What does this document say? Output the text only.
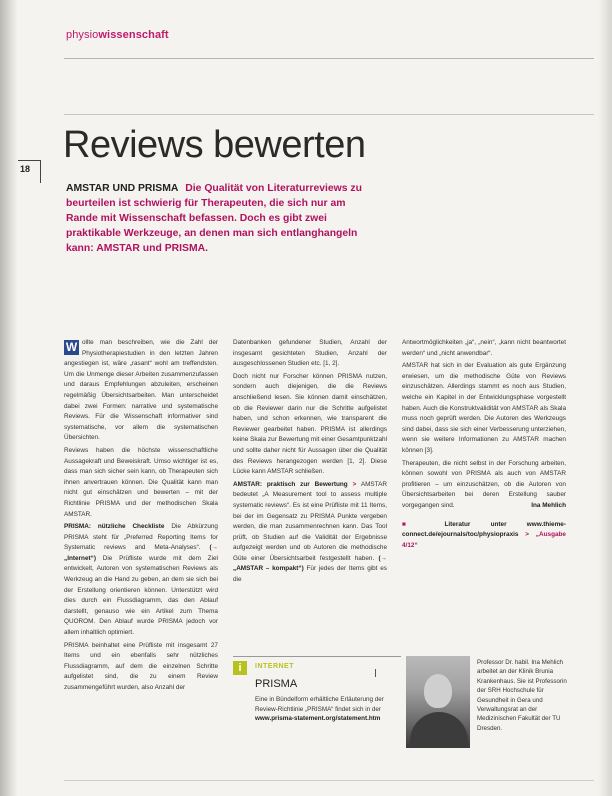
physiowissenschaft
Reviews bewerten
18
AMSTAR UND PRISMA Die Qualität von Literaturreviews zu beurteilen ist schwierig für Therapeuten, die sich nur am Rande mit Wissenschaft befassen. Doch es gibt zwei praktikable Werkzeuge, an denen man sich entlanghangeln kann: AMSTAR und PRISMA.

W ollte man beschreiben, wie die Zahl der Physiotherapiestudien in den letzten Jahren angestiegen ist, wäre „rasant“ wohl am treffendsten. Um die Unmenge dieser Arbeiten zusammenzufassen und daraus Empfehlungen abzuleiten, erscheinen regelmäßig Übersichtsarbeiten. Man unterscheidet dabei zwei Formen: narrative und systematische Reviews. Für die Wissenschaft informativer sind systematische, vor allem die systematischen Übersichten.

Reviews haben die höchste wissenschaftliche Aussagekraft und Beweiskraft. Umso wichtiger ist es, dass man sich sicher sein kann, ob Therapeuten sich ihnen anvertrauen können. Die Qualität kann man nicht gut einschätzen und bewerten – mit der Richtlinie PRISMA und der methodischen Skala AMSTAR.

PRISMA: nützliche Checkliste Die Abkürzung PRISMA steht für „Preferred Reporting Items for Systematic reviews and Meta-Analyses“. (→ „Internet“) Die Prüfliste wurde mit dem Ziel entwickelt, Autoren von systematischen Reviews als Werkzeug an die Hand zu geben, an dem sie sich bei der Erstellung orientieren können. Unterstützt wird dies durch ein Flussdiagramm, das den Ablauf darstellt, genauso wie ein Artikel zum Thema QUOROM. Den Ablauf wurde PRISMA jedoch vor allem inhaltlich optimiert.

PRISMA beinhaltet eine Prüfliste mit insgesamt 27 Items und ein ebenfalls sehr nützliches Flussdiagramm, auf dem die einzelnen Schritte aufgelistet sind, die zu einem Review zusammengeführt wurden, also Anzahl der

Datenbanken gefundener Studien, Anzahl der insgesamt gesichteten Studien, Anzahl der ausgeschlossenen Studien etc. [1, 2].

Doch nicht nur Forscher können PRISMA nutzen, sondern auch diejenigen, die die Reviews anschließend lesen. Sie können damit einschätzen, ob die Reviewer darin nur die Schritte aufgelistet haben, und schon erkennen, wie transparent die Reviewer gearbeitet haben. PRISMA ist allerdings keine Skala zur Bewertung mit einer Gesamtpunktzahl und sollte daher nicht für Aussagen über die Qualität des Reviews herangezogen werden [1, 2]. Diese Lücke kann AMSTAR schließen.

AMSTAR: praktisch zur Bewertung > AMSTAR bedeutet „A Measurement tool to assess multiple systematic reviews“. Es ist eine Prüfliste mit 11 Items, bei der im Gegensatz zu PRISMA Punkte vergeben werden, die man zusammenrechnen kann. Das Tool prüft, ob Studien auf die Validität der Ergebnisse aufgezeigt werden und ob Autoren die methodische Güte einer Übersichtsarbeit festgestellt haben. (→ „AMSTAR – kompakt“) Für jedes der Items gibt es die

Antwortmöglichkeiten „ja“, „nein“, „kann nicht beantwortet werden“ und „nicht anwendbar“.

AMSTAR hat sich in der Evaluation als gute Ergänzung erwiesen, um die methodische Güte von Reviews einzuschätzen. Allerdings stammt es noch aus Studien, welche ein Kapitel in der Entwicklungsphase vorgestellt haben. Auch die Konstruktvalidität von AMSTAR als Skala muss noch geprüft werden. Die Autoren des Werkzeugs sind dabei, dass sie sich einer Verbesserung unterziehen, wenn sie weitere Informationen zu AMSTAR machen können [3].

Therapeuten, die nicht selbst in der Forschung arbeiten, können sowohl von PRISMA als auch von AMSTAR profitieren – um einzuschätzen, ob die Autoren von Übersichtsarbeiten bei deren Erstellung sauber vorgegangen sind.	Ina Mehlich

■	Literatur unter www.thieme-connect.de/ejournals/toc/physiopraxis > „Ausgabe 4/12“

i	INTERNET
PRISMA
Eine in Bündelform erhältliche Erläuterung der Review-Richtlinie „PRISMA“ findet sich in der www.prisma-statement.org/statement.htm
Professor Dr. habil. Ina Mehlich arbeitet an der Klinik Brunia Krankenhaus. Sie ist Professorin der SRH Hochschule für Gesundheit in Gera und Verwaltungsrat an der Medizinischen Fakultät der TU Dresden.
